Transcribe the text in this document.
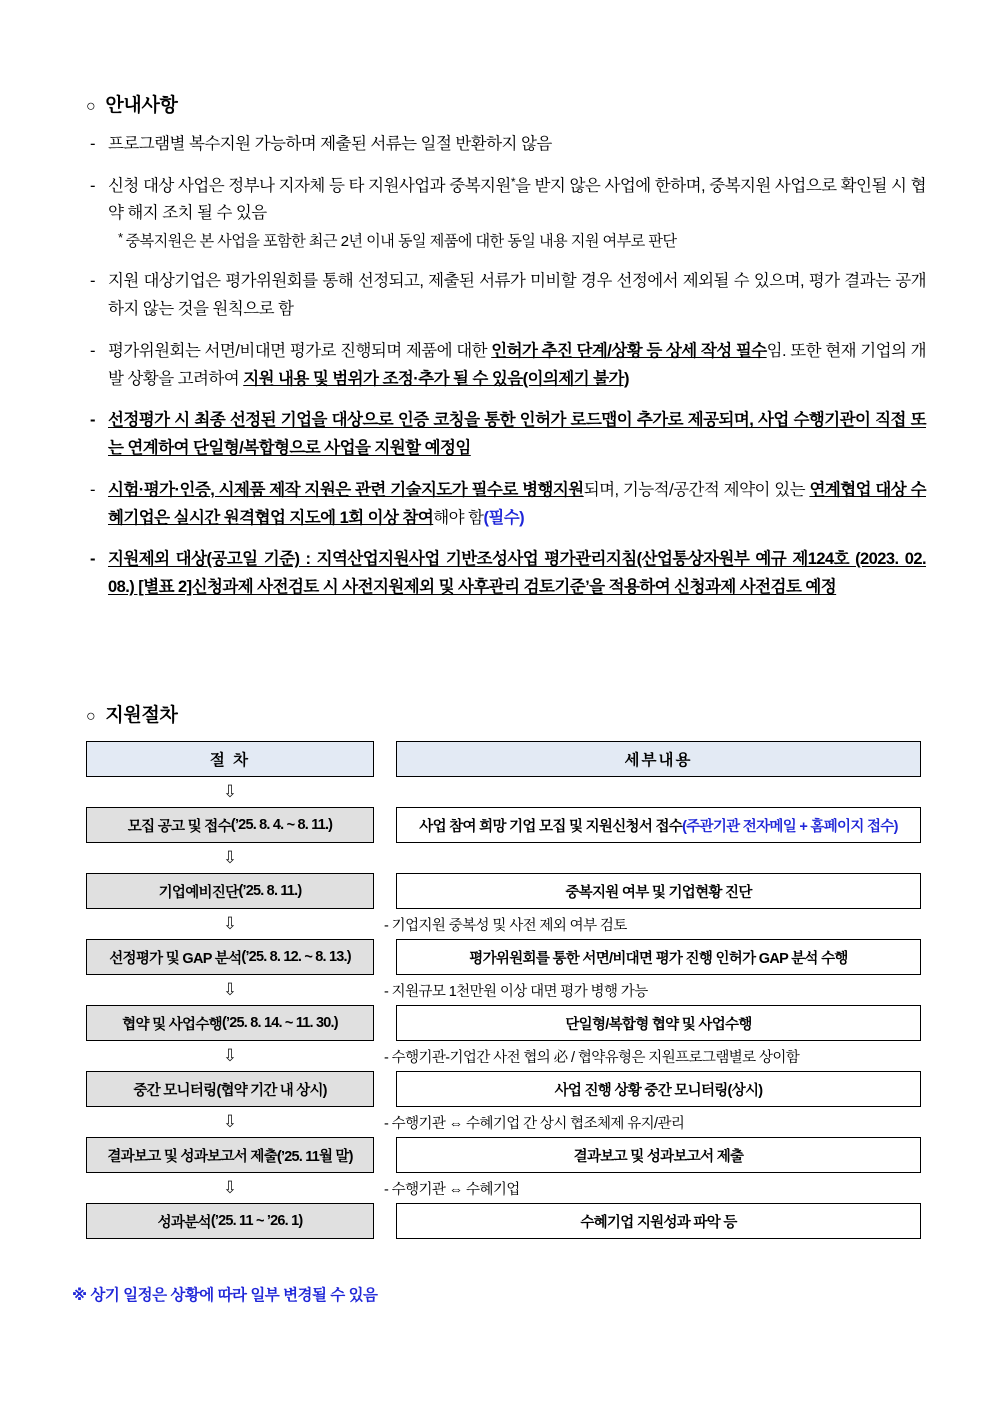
○ 안내사항
- 프로그램별 복수지원 가능하며 제출된 서류는 일절 반환하지 않음
- 신청 대상 사업은 정부나 지자체 등 타 지원사업과 중복지원*을 받지 않은 사업에 한하며, 중복지원 사업으로 확인될 시 협약 해지 조치 될 수 있음
* 중복지원은 본 사업을 포함한 최근 2년 이내 동일 제품에 대한 동일 내용 지원 여부로 판단
- 지원 대상기업은 평가위원회를 통해 선정되고, 제출된 서류가 미비할 경우 선정에서 제외될 수 있으며, 평가 결과는 공개하지 않는 것을 원칙으로 함
- 평가위원회는 서면/비대면 평가로 진행되며 제품에 대한 인허가 추진 단계/상황 등 상세 작성 필수임. 또한 현재 기업의 개발 상황을 고려하여 지원 내용 및 범위가 조정·추가 될 수 있음(이의제기 불가)
- 선정평가 시 최종 선정된 기업을 대상으로 인증 코칭을 통한 인허가 로드맵이 추가로 제공되며, 사업 수행기관이 직접 또는 연계하여 단일형/복합형으로 사업을 지원할 예정임
- 시험·평가·인증, 시제품 제작 지원은 관련 기술지도가 필수로 병행지원되며, 기능적/공간적 제약이 있는 연계협업 대상 수혜기업은 실시간 원격협업 지도에 1회 이상 참여해야 함(필수)
- 지원제외 대상(공고일 기준) : 지역산업지원사업 기반조성사업 평가관리지침(산업통상자원부 예규 제124호 (2023. 02. 08.) [별표 2]신청과제 사전검토 시 사전지원제외 및 사후관리 검토기준’을 적용하여 신청과제 사전검토 예정
○ 지원절차
절 차	세부내용
⇩
모집 공고 및 접수 (’25. 8. 4. ~ 8. 11.)	사업 참여 희망 기업 모집 및 지원신청서 접수 (주관기관 전자메일 + 홈페이지 접수)
⇩
기업예비진단 (’25. 8. 11.)	중복지원 여부 및 기업현황 진단
⇩	- 기업지원 중복성 및 사전 제외 여부 검토
선정평가 및 GAP 분석 (’25. 8. 12. ~ 8. 13.)	평가위원회를 통한 서면/비대면 평가 진행 인허가 GAP 분석 수행
⇩	- 지원규모 1천만원 이상 대면 평가 병행 가능
협약 및 사업수행 (’25. 8. 14. ~ 11. 30.)	단일형/복합형 협약 및 사업수행
⇩	- 수행기관-기업간 사전 협의 必 / 협약유형은 지원프로그램별로 상이함
중간 모니터링 (협약 기간 내 상시)	사업 진행 상황 중간 모니터링(상시)
⇩	- 수행기관 ⇔ 수혜기업 간 상시 협조체제 유지/관리
결과보고 및 성과보고서 제출 (’25. 11월 말)	결과보고 및 성과보고서 제출
⇩	- 수행기관 ⇔ 수혜기업
성과분석 (’25. 11 ~ ’26. 1)	수혜기업 지원성과 파악 등
※ 상기 일정은 상황에 따라 일부 변경될 수 있음
